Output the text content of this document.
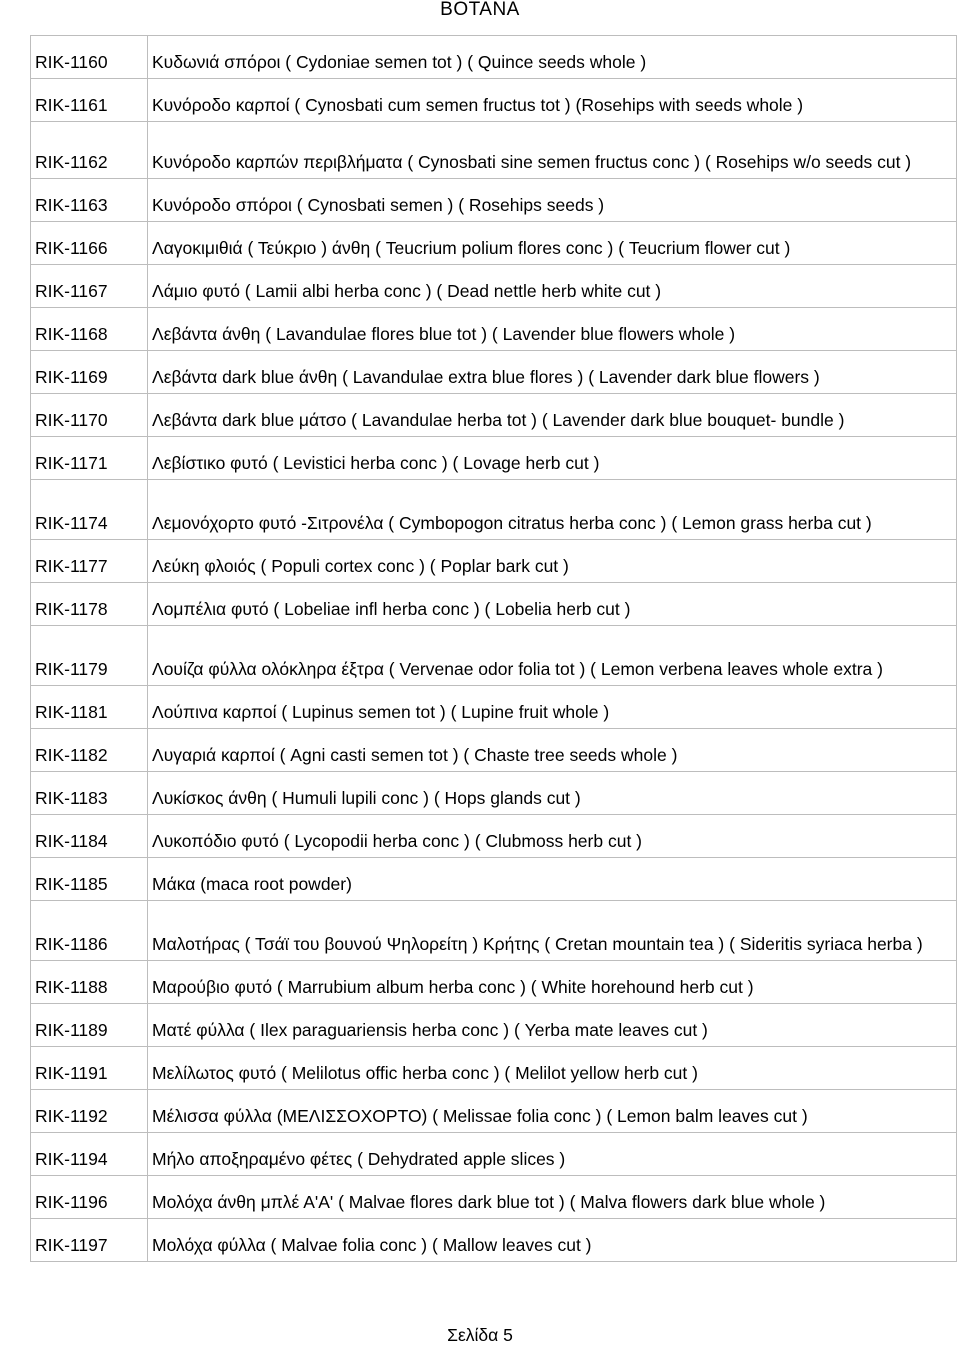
ΒΟΤΑΝΑ
RIK-1160	Κυδωνιά σπόροι ( Cydoniae semen tot ) ( Quince seeds whole )
RIK-1161	Κυνόροδο καρποί ( Cynosbati cum semen fructus tot ) (Rosehips with seeds whole )
RIK-1162	Κυνόροδο καρπών περιβλήματα ( Cynosbati sine semen fructus conc ) ( Rosehips w/o seeds cut )
RIK-1163	Κυνόροδο σπόροι ( Cynosbati semen ) ( Rosehips seeds )
RIK-1166	Λαγοκιμιθιά ( Τεύκριο ) άνθη ( Teucrium polium flores conc ) ( Teucrium flower cut )
RIK-1167	Λάμιο φυτό ( Lamii albi herba conc ) ( Dead nettle herb white cut )
RIK-1168	Λεβάντα άνθη ( Lavandulae flores blue tot ) ( Lavender blue flowers whole )
RIK-1169	Λεβάντα dark blue άνθη ( Lavandulae extra blue flores ) ( Lavender dark blue flowers )
RIK-1170	Λεβάντα dark blue μάτσο ( Lavandulae herba tot ) ( Lavender dark blue bouquet- bundle )
RIK-1171	Λεβίστικο φυτό ( Levistici herba conc ) ( Lovage herb cut )
RIK-1174	Λεμονόχορτο φυτό -Σιτρονέλα ( Cymbopogon citratus herba conc ) ( Lemon grass herba cut )
RIK-1177	Λεύκη φλοιός ( Populi cortex conc ) ( Poplar bark cut )
RIK-1178	Λομπέλια φυτό ( Lobeliae infl herba conc ) ( Lobelia herb cut )
RIK-1179	Λουίζα φύλλα ολόκληρα έξτρα ( Vervenae odor folia tot ) ( Lemon verbena leaves whole extra )
RIK-1181	Λούπινα καρποί ( Lupinus semen tot ) ( Lupine fruit whole )
RIK-1182	Λυγαριά καρποί ( Agni casti semen tot ) ( Chaste tree seeds whole )
RIK-1183	Λυκίσκος άνθη ( Humuli lupili conc ) ( Hops glands cut )
RIK-1184	Λυκοπόδιο φυτό ( Lycopodii herba conc ) ( Clubmoss herb cut )
RIK-1185	Μάκα (maca root powder)
RIK-1186	Μαλοτήρας ( Τσάϊ του βουνού Ψηλορείτη ) Κρήτης ( Cretan mountain tea ) ( Sideritis syriaca herba )
RIK-1188	Μαρούβιο φυτό ( Marrubium album herba conc ) ( White horehound herb cut )
RIK-1189	Ματέ φύλλα ( Ilex paraguariensis herba conc ) ( Yerba mate leaves cut )
RIK-1191	Μελίλωτος φυτό ( Melilotus offic herba conc ) ( Melilot yellow herb cut )
RIK-1192	Μέλισσα φύλλα (ΜΕΛΙΣΣΟΧΟΡΤΟ) ( Melissae folia conc ) ( Lemon balm leaves cut )
RIK-1194	Μήλο αποξηραμένο φέτες ( Dehydrated apple slices )
RIK-1196	Μολόχα άνθη μπλέ Α'Α' ( Malvae flores dark blue tot ) ( Malva flowers dark blue whole )
RIK-1197	Μολόχα φύλλα ( Malvae folia conc ) ( Mallow leaves cut )
Σελίδα 5
